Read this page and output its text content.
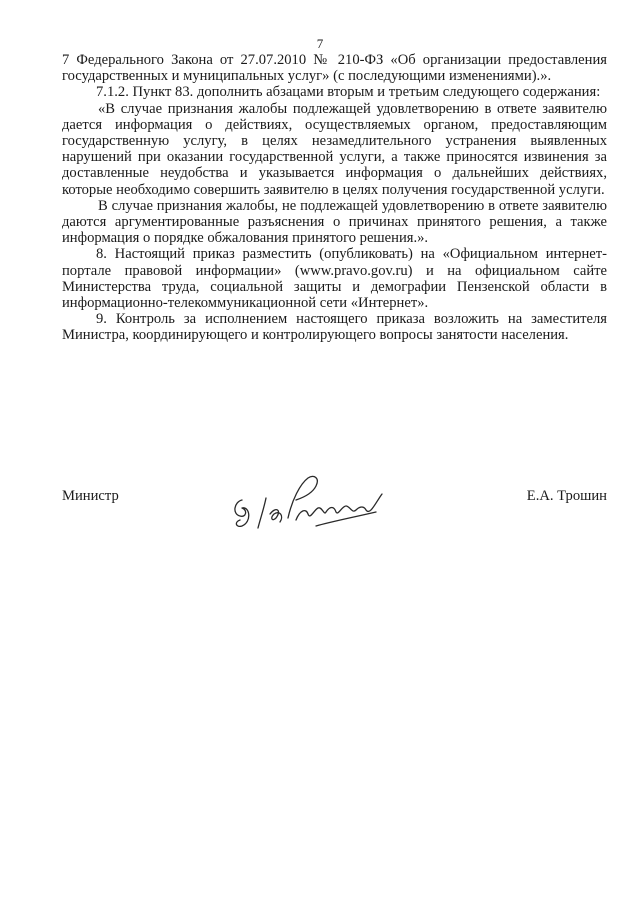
7

7 Федерального Закона от 27.07.2010 № 210-ФЗ «Об организации предоставления государственных и муниципальных услуг» (с последующими изменениями).».

7.1.2. Пункт 83. дополнить абзацами вторым и третьим следующего содержания:

«В случае признания жалобы подлежащей удовлетворению в ответе заявителю дается информация о действиях, осуществляемых органом, предоставляющим государственную услугу, в целях незамедлительного устранения выявленных нарушений при оказании государственной услуги, а также приносятся извинения за доставленные неудобства и указывается информация о дальнейших действиях, которые необходимо совершить заявителю в целях получения государственной услуги.

В случае признания жалобы, не подлежащей удовлетворению в ответе заявителю даются аргументированные разъяснения о причинах принятого решения, а также информация о порядке обжалования принятого решения.».

8. Настоящий приказ разместить (опубликовать) на «Официальном интернет-портале правовой информации» (www.pravo.gov.ru) и на официальном сайте Министерства труда, социальной защиты и демографии Пензенской области в информационно-телекоммуникационной сети «Интернет».

9. Контроль за исполнением настоящего приказа возложить на заместителя Министра, координирующего и контролирующего вопросы занятости населения.

Министр	Е.А. Трошин
